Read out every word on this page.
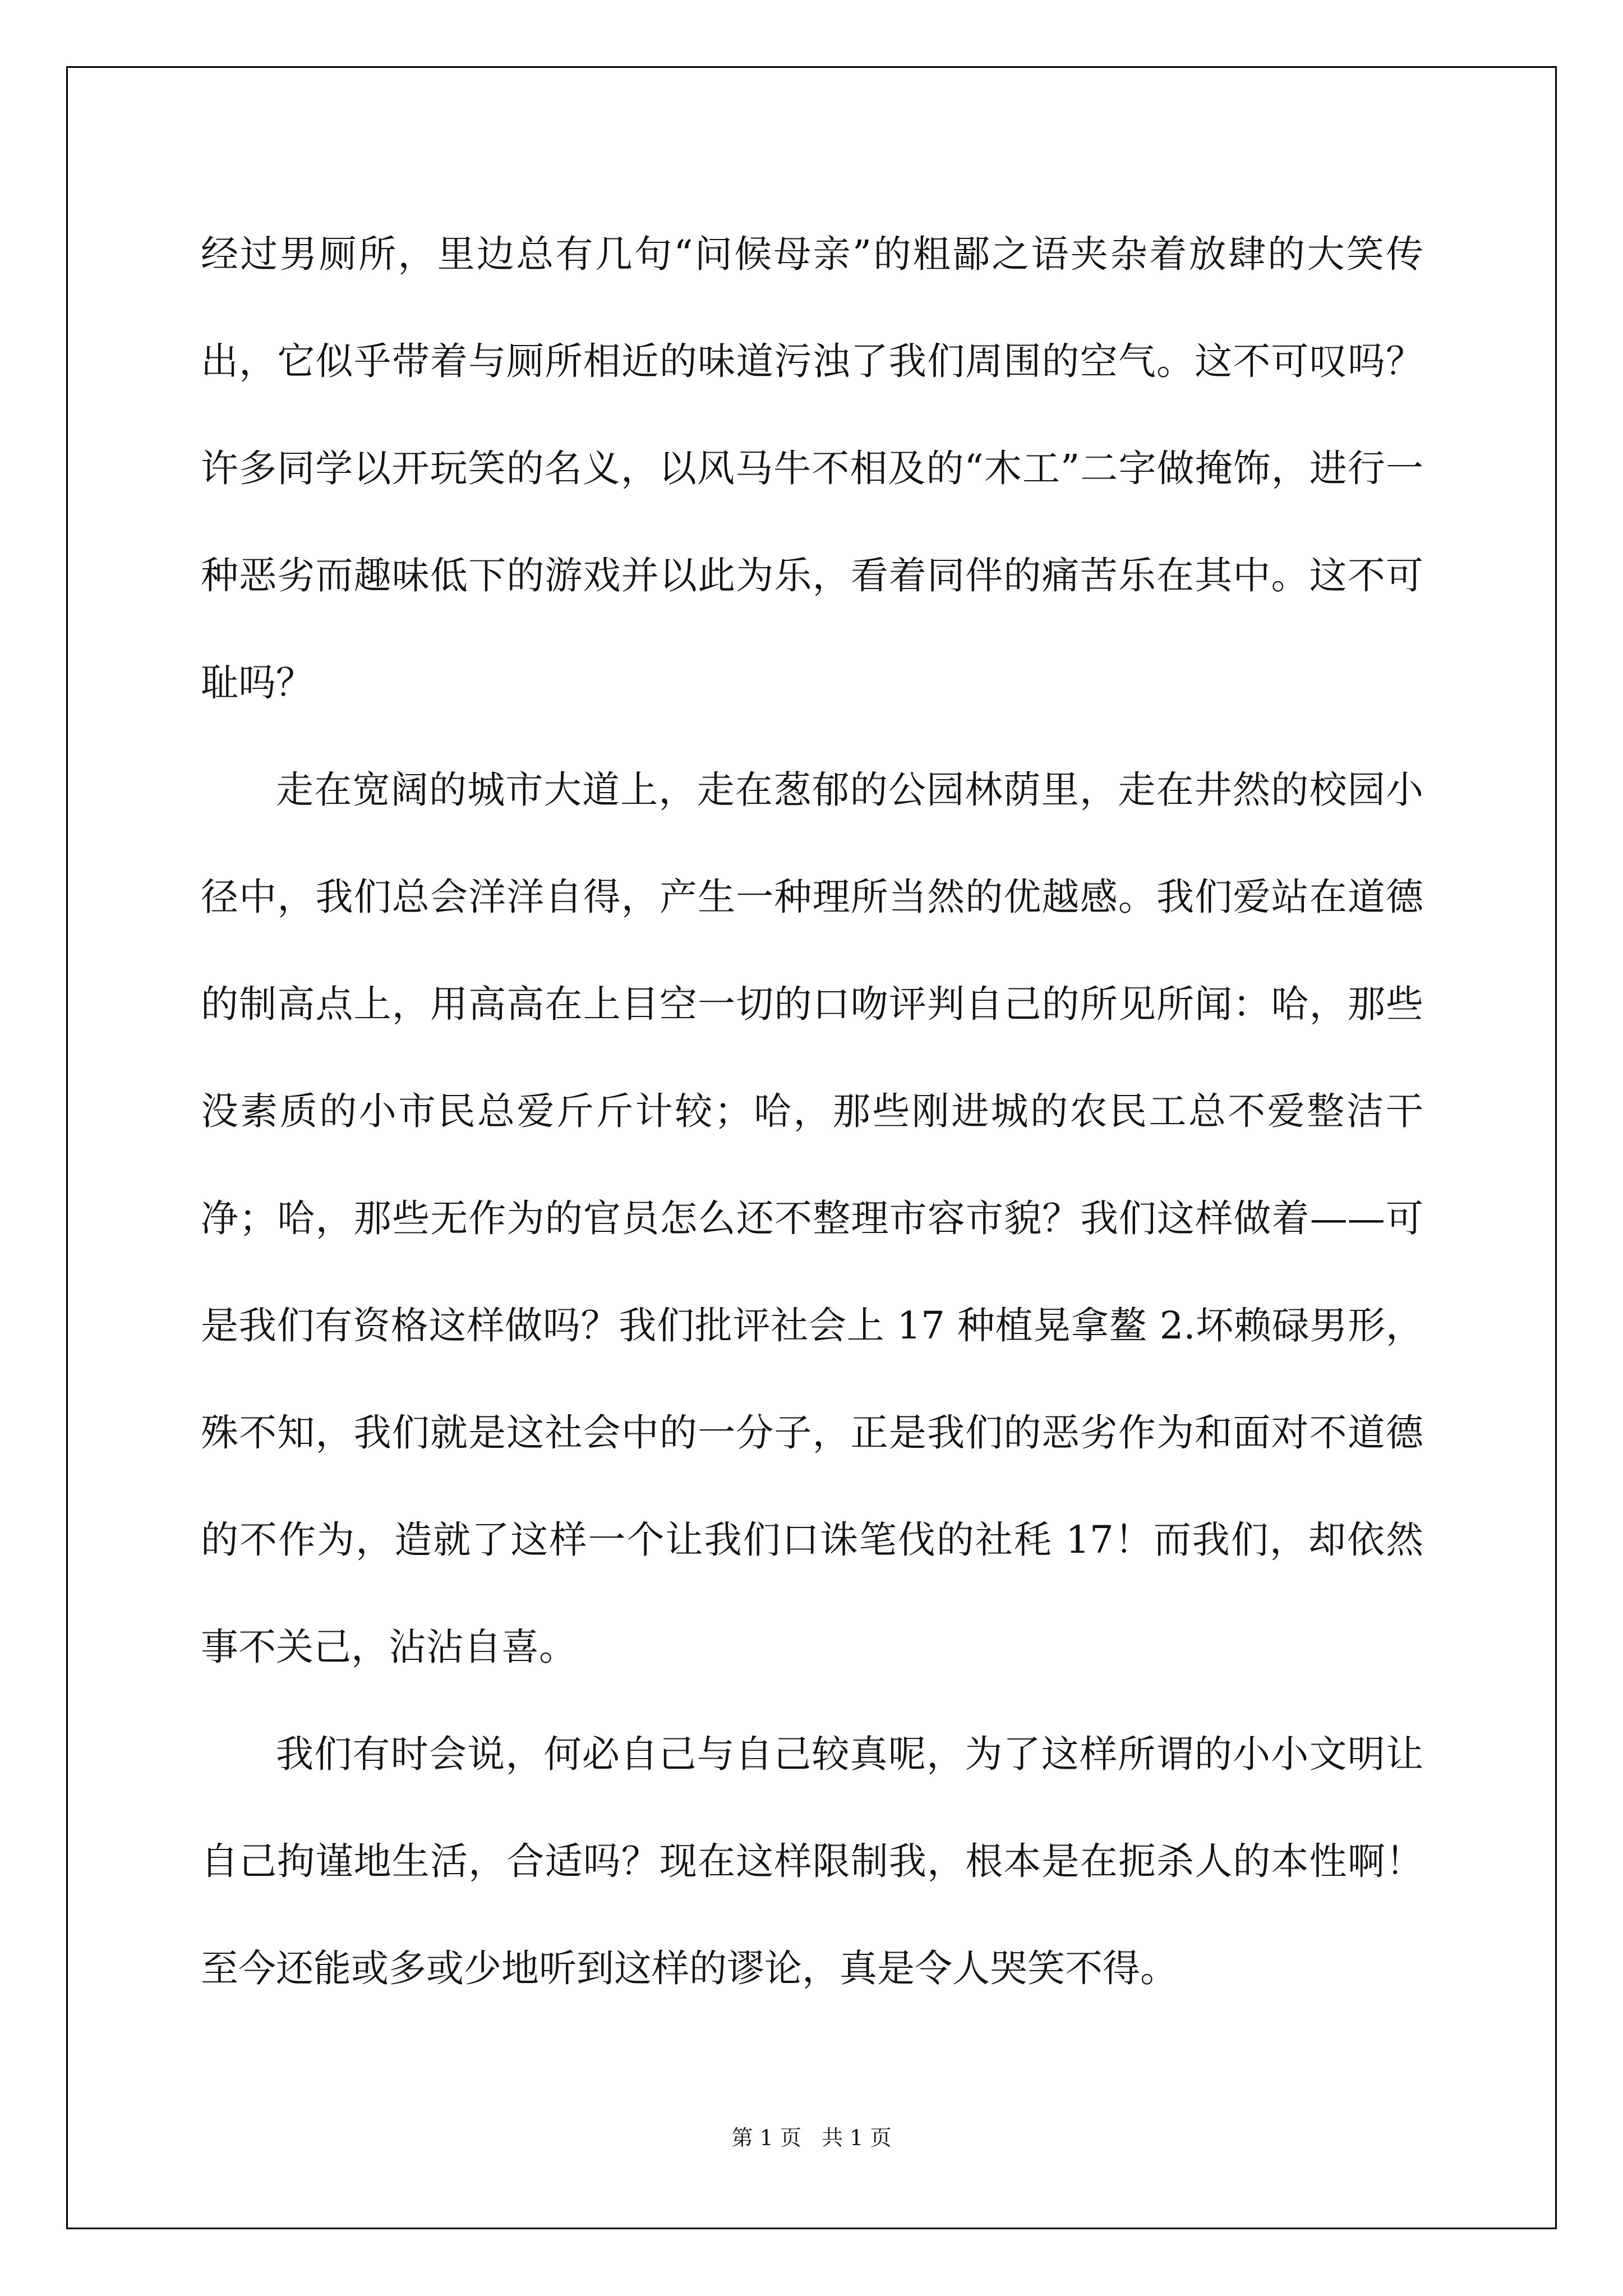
经过男厕所，里边总有几句“问候母亲”的粗鄙之语夹杂着放肆的大笑传出，它似乎带着与厕所相近的味道污浊了我们周围的空气。这不可叹吗？许多同学以开玩笑的名义，以风马牛不相及的“木工”二字做掩饰，进行一种恶劣而趣味低下的游戏并以此为乐，看着同伴的痛苦乐在其中。这不可耻吗？

走在宽阔的城市大道上，走在葱郁的公园林荫里，走在井然的校园小径中，我们总会洋洋自得，产生一种理所当然的优越感。我们爱站在道德的制高点上，用高高在上目空一切的口吻评判自己的所见所闻：哈，那些没素质的小市民总爱斤斤计较；哈，那些刚进城的农民工总不爱整洁干净；哈，那些无作为的官员怎么还不整理市容市貌？我们这样做着——可是我们有资格这样做吗？我们批评社会上 17 种植晃拿鳌 2.坏赖碌男形，殊不知，我们就是这社会中的一分子，正是我们的恶劣作为和面对不道德的不作为，造就了这样一个让我们口诛笔伐的社秏 17！而我们，却依然事不关己，沾沾自喜。

我们有时会说，何必自己与自己较真呢，为了这样所谓的小小文明让自己拘谨地生活，合适吗？现在这样限制我，根本是在扼杀人的本性啊！至今还能或多或少地听到这样的谬论，真是令人哭笑不得。

第 1 页   共 1 页
